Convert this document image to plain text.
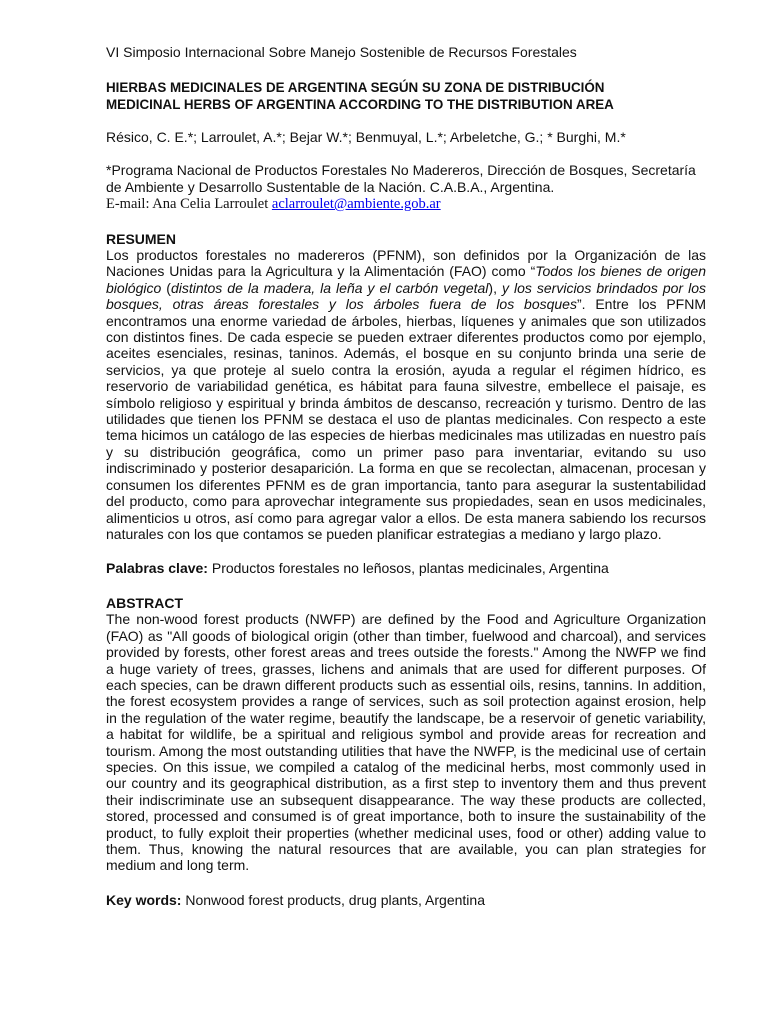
VI Simposio Internacional Sobre Manejo Sostenible de Recursos Forestales
HIERBAS MEDICINALES DE ARGENTINA SEGÚN SU ZONA DE DISTRIBUCIÓN
MEDICINAL HERBS OF ARGENTINA ACCORDING TO THE DISTRIBUTION AREA
Résico, C. E.*; Larroulet, A.*; Bejar W.*; Benmuyal, L.*; Arbeletche, G.; * Burghi, M.*
*Programa Nacional de Productos Forestales No Madereros, Dirección de Bosques, Secretaría de Ambiente y Desarrollo Sustentable de la Nación. C.A.B.A., Argentina.
E-mail: Ana Celia Larroulet aclarroulet@ambiente.gob.ar
RESUMEN
Los productos forestales no madereros (PFNM), son definidos por la Organización de las Naciones Unidas para la Agricultura y la Alimentación (FAO) como “Todos los bienes de origen biológico (distintos de la madera, la leña y el carbón vegetal), y los servicios brindados por los bosques, otras áreas forestales y los árboles fuera de los bosques”. Entre los PFNM encontramos una enorme variedad de árboles, hierbas, líquenes y animales que son utilizados con distintos fines. De cada especie se pueden extraer diferentes productos como por ejemplo, aceites esenciales, resinas, taninos. Además, el bosque en su conjunto brinda una serie de servicios, ya que proteje al suelo contra la erosión, ayuda a regular el régimen hídrico, es reservorio de variabilidad genética, es hábitat para fauna silvestre, embellece el paisaje, es símbolo religioso y espiritual y brinda ámbitos de descanso, recreación y turismo. Dentro de las utilidades que tienen los PFNM se destaca el uso de plantas medicinales. Con respecto a este tema hicimos un catálogo de las especies de hierbas medicinales mas utilizadas en nuestro país y su distribución geográfica, como un primer paso para inventariar, evitando su uso indiscriminado y posterior desaparición. La forma en que se recolectan, almacenan, procesan y consumen los diferentes PFNM es de gran importancia, tanto para asegurar la sustentabilidad del producto, como para aprovechar integramente sus propiedades, sean en usos medicinales, alimenticios u otros, así como para agregar valor a ellos. De esta manera sabiendo los recursos naturales con los que contamos se pueden planificar estrategias a mediano y largo plazo.
Palabras clave: Productos forestales no leñosos, plantas medicinales, Argentina
ABSTRACT
The non-wood forest products (NWFP) are defined by the Food and Agriculture Organization (FAO) as "All goods of biological origin (other than timber, fuelwood and charcoal), and services provided by forests, other forest areas and trees outside the forests." Among the NWFP we find a huge variety of trees, grasses, lichens and animals that are used for different purposes. Of each species, can be drawn different products such as essential oils, resins, tannins. In addition, the forest ecosystem provides a range of services, such as soil protection against erosion, help in the regulation of the water regime, beautify the landscape, be a reservoir of genetic variability, a habitat for wildlife, be a spiritual and religious symbol and provide areas for recreation and tourism. Among the most outstanding utilities that have the NWFP, is the medicinal use of certain species. On this issue, we compiled a catalog of the medicinal herbs, most commonly used in our country and its geographical distribution, as a first step to inventory them and thus prevent their indiscriminate use an subsequent disappearance. The way these products are collected, stored, processed and consumed is of great importance, both to insure the sustainability of the product, to fully exploit their properties (whether medicinal uses, food or other) adding value to them. Thus, knowing the natural resources that are available, you can plan strategies for medium and long term.
Key words: Nonwood forest products, drug plants, Argentina
